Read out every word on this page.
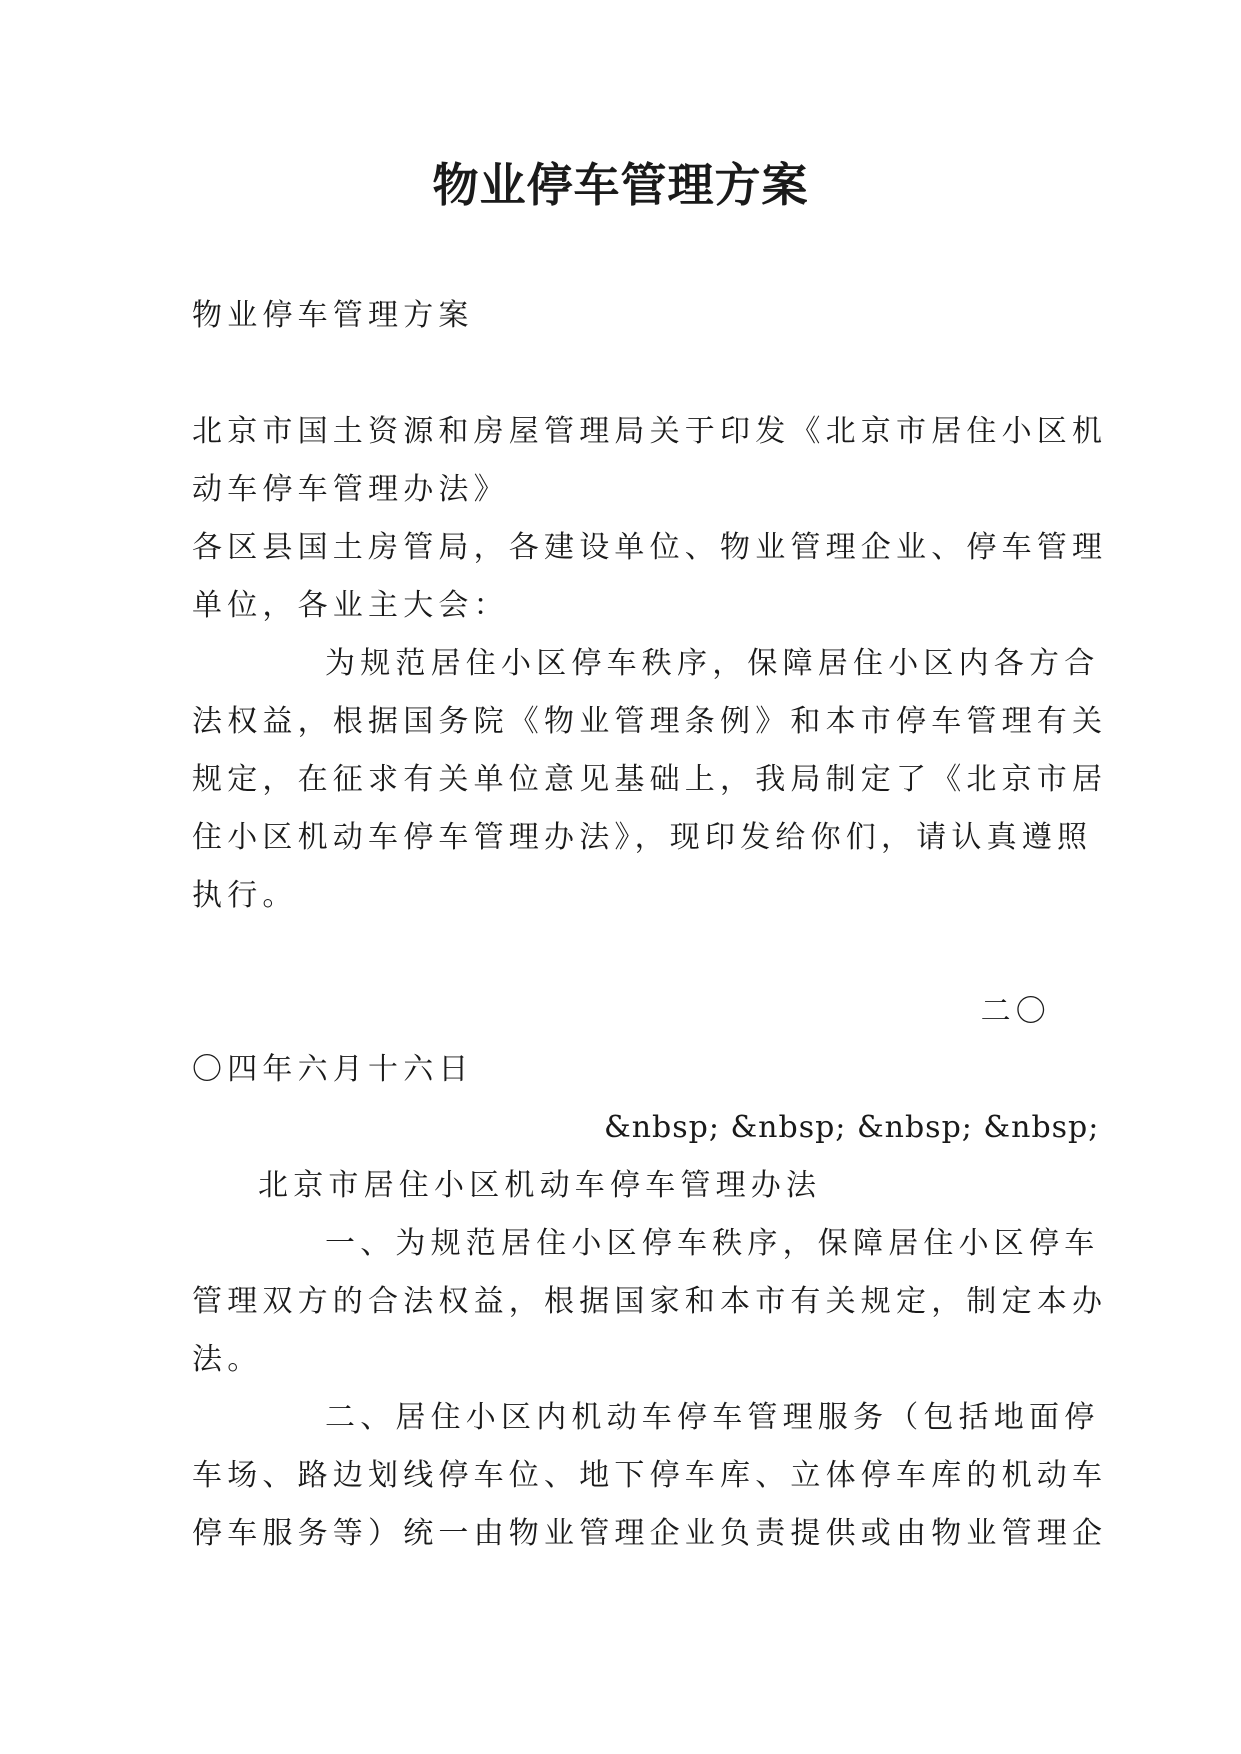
物业停车管理方案
物业停车管理方案
北京市国土资源和房屋管理局关于印发《北京市居住小区机
动车停车管理办法》
各区县国土房管局，各建设单位、物业管理企业、停车管理
单位，各业主大会：
为规范居住小区停车秩序，保障居住小区内各方合
法权益，根据国务院《物业管理条例》和本市停车管理有关
规定，在征求有关单位意见基础上，我局制定了《北京市居
住小区机动车停车管理办法》，现印发给你们，请认真遵照
执行。
二〇
〇四年六月十六日
&nbsp; &nbsp; &nbsp; &nbsp;
北京市居住小区机动车停车管理办法
一、为规范居住小区停车秩序，保障居住小区停车
管理双方的合法权益，根据国家和本市有关规定，制定本办
法。
二、居住小区内机动车停车管理服务（包括地面停
车场、路边划线停车位、地下停车库、立体停车库的机动车
停车服务等）统一由物业管理企业负责提供或由物业管理企
